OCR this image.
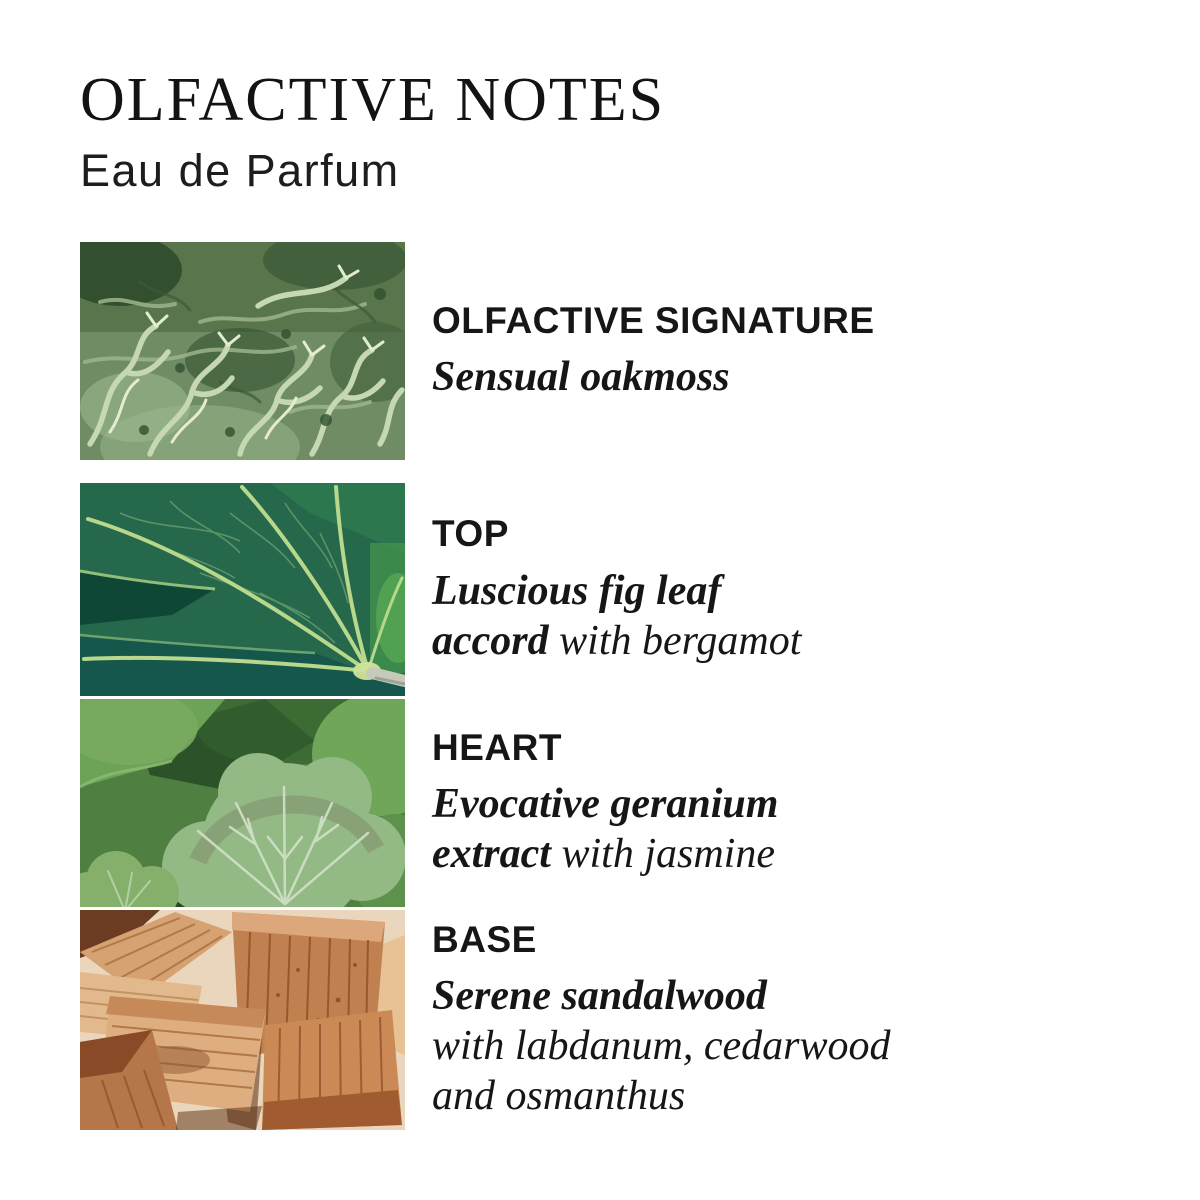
OLFACTIVE NOTES
Eau de Parfum
OLFACTIVE SIGNATURE
Sensual oakmoss
TOP
Luscious fig leaf
accord with bergamot
HEART
Evocative geranium
extract with jasmine
BASE
Serene sandalwood
with labdanum, cedarwood
and osmanthus
